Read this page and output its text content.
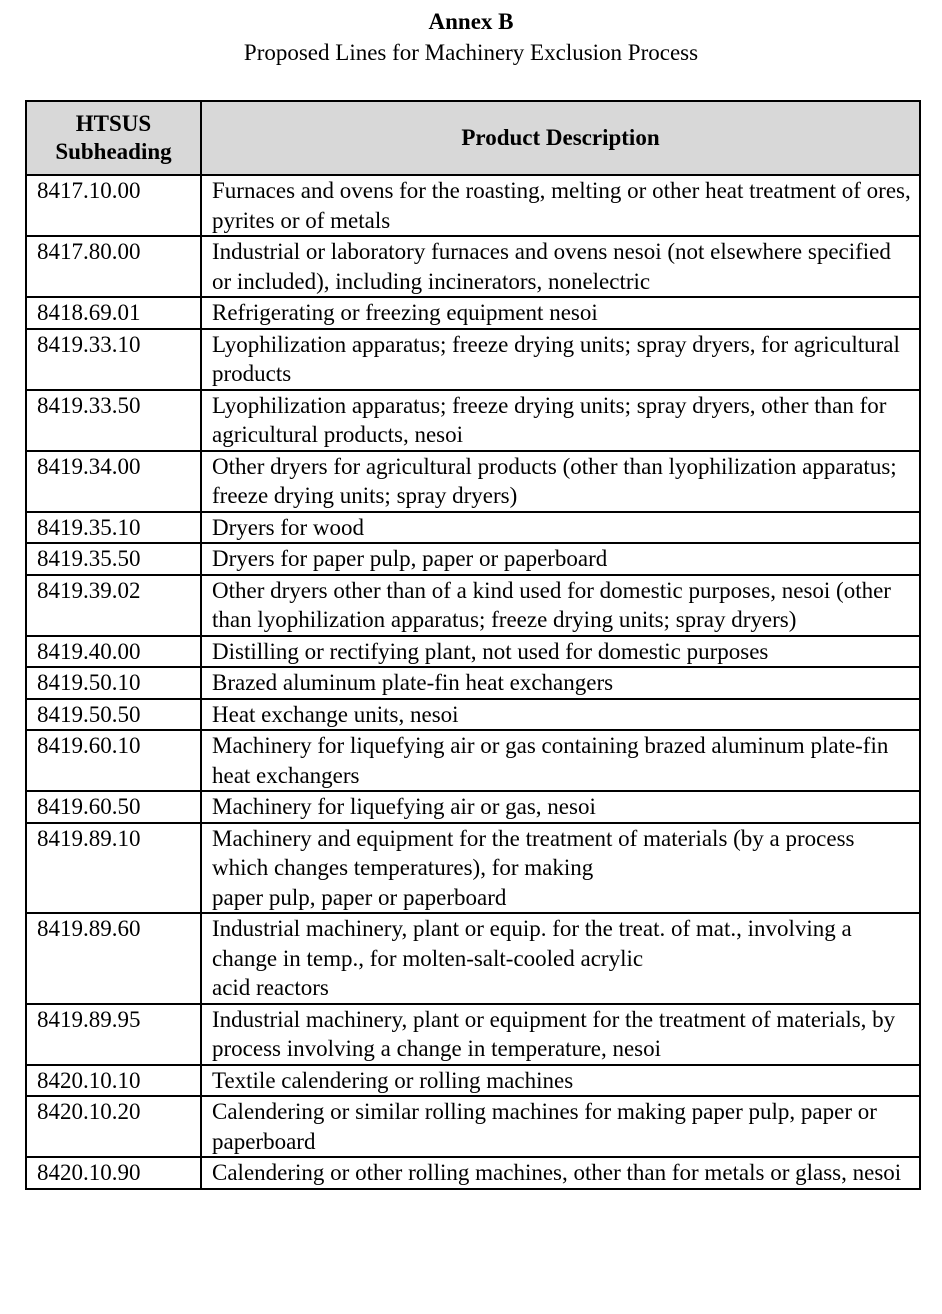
Annex B
Proposed Lines for Machinery Exclusion Process
HTSUS
Subheading	Product Description
8417.10.00	Furnaces and ovens for the roasting, melting or other heat treatment of ores, pyrites or of metals
8417.80.00	Industrial or laboratory furnaces and ovens nesoi (not elsewhere specified or included), including incinerators, nonelectric
8418.69.01	Refrigerating or freezing equipment nesoi
8419.33.10	Lyophilization apparatus; freeze drying units; spray dryers, for agricultural products
8419.33.50	Lyophilization apparatus; freeze drying units; spray dryers, other than for agricultural products, nesoi
8419.34.00	Other dryers for agricultural products (other than lyophilization apparatus; freeze drying units; spray dryers)
8419.35.10	Dryers for wood
8419.35.50	Dryers for paper pulp, paper or paperboard
8419.39.02	Other dryers other than of a kind used for domestic purposes, nesoi (other than lyophilization apparatus; freeze drying units; spray dryers)
8419.40.00	Distilling or rectifying plant, not used for domestic purposes
8419.50.10	Brazed aluminum plate-fin heat exchangers
8419.50.50	Heat exchange units, nesoi
8419.60.10	Machinery for liquefying air or gas containing brazed aluminum plate-fin heat exchangers
8419.60.50	Machinery for liquefying air or gas, nesoi
8419.89.10	Machinery and equipment for the treatment of materials (by a process which changes temperatures), for making
paper pulp, paper or paperboard
8419.89.60	Industrial machinery, plant or equip. for the treat. of mat., involving a change in temp., for molten-salt-cooled acrylic
acid reactors
8419.89.95	Industrial machinery, plant or equipment for the treatment of materials, by process involving a change in temperature, nesoi
8420.10.10	Textile calendering or rolling machines
8420.10.20	Calendering or similar rolling machines for making paper pulp, paper or paperboard
8420.10.90	Calendering or other rolling machines, other than for metals or glass, nesoi
